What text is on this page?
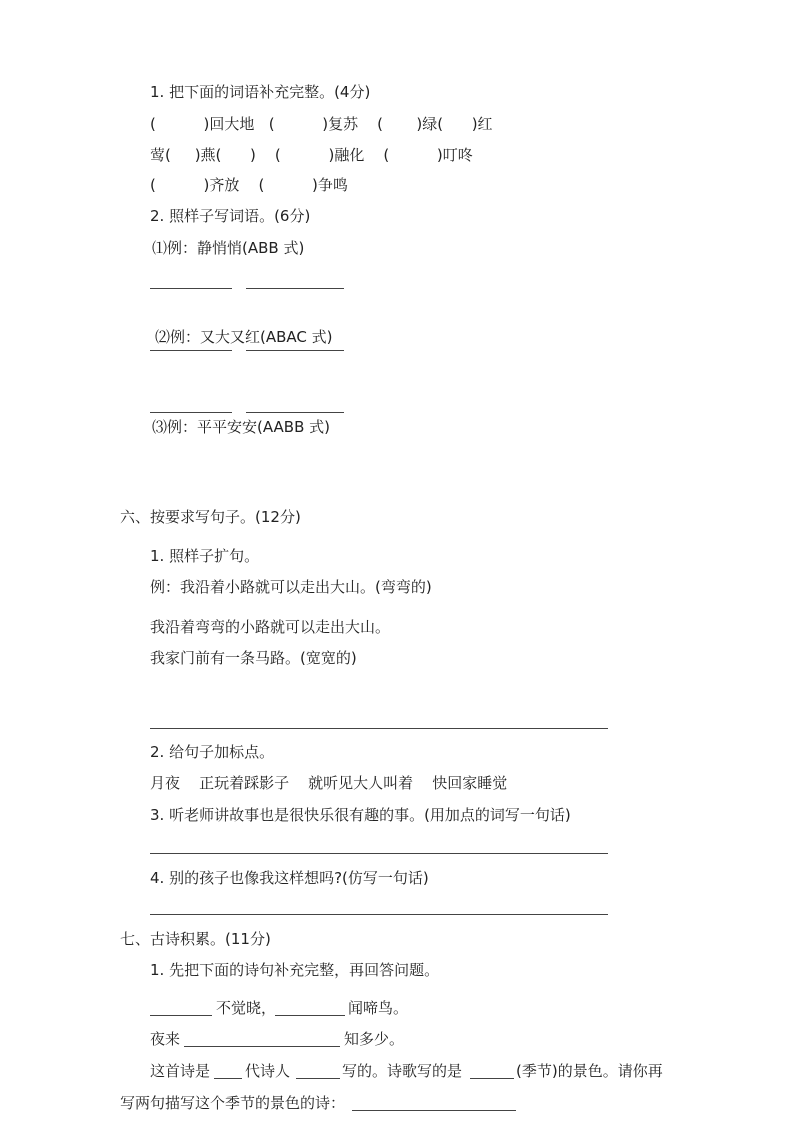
1. 把下面的词语补充完整。(4分)
(          )回大地   (          )复苏    (       )绿(      )红
莺(     )燕(      )    (          )融化    (          )叮咚
(          )齐放    (          )争鸣
2. 照样子写词语。(6分)
⑴例：静悄悄(ABB 式)
⑵例：又大又红(ABAC 式)
⑶例：平平安安(AABB 式)
六、按要求写句子。(12分)
1. 照样子扩句。
例：我沿着小路就可以走出大山。(弯弯的)
我沿着弯弯的小路就可以走出大山。
我家门前有一条马路。(宽宽的)
2. 给句子加标点。
月夜    正玩着踩影子    就听见大人叫着    快回家睡觉
3. 听老师讲故事也是很快乐很有趣的事。(用加点的词写一句话)
4. 别的孩子也像我这样想吗?(仿写一句话)
七、古诗积累。(11分)
1. 先把下面的诗句补充完整，再回答问题。
不觉晓，	闻啼鸟。
夜来	知多少。
这首诗是 代诗人	写的。诗歌写的是	(季节)的景色。请你再
写两句描写这个季节的景色的诗：
